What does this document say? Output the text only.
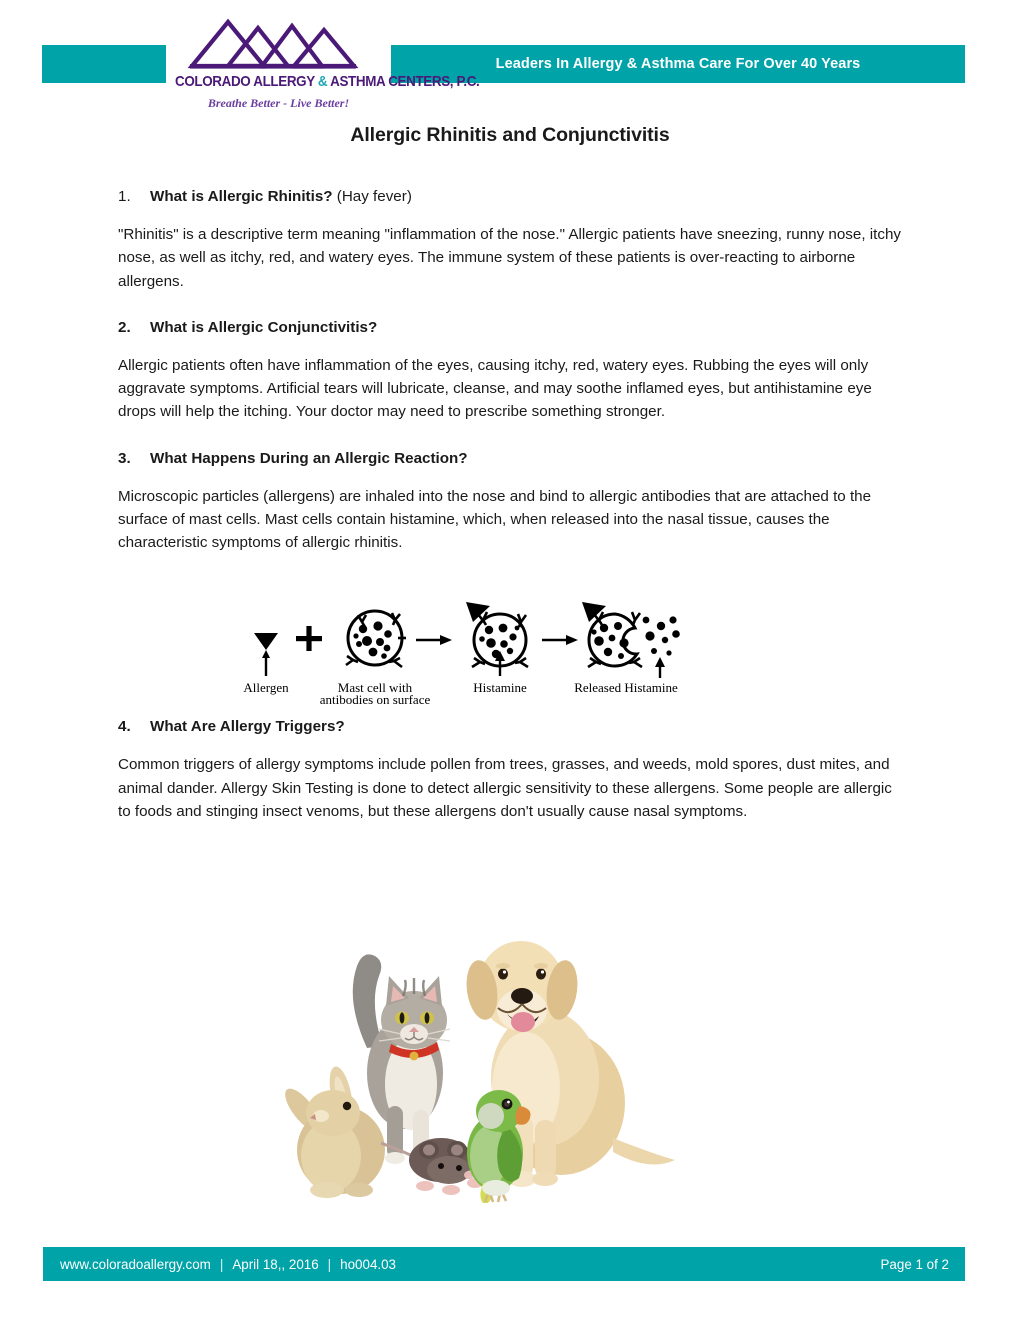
Leaders In Allergy & Asthma Care For Over 40 Years
COLORADO ALLERGY & ASTHMA CENTERS, P.C.
Breathe Better - Live Better!
Allergic Rhinitis and Conjunctivitis
1.	What is Allergic Rhinitis? (Hay fever)

"Rhinitis" is a descriptive term meaning "inflammation of the nose." Allergic patients have sneezing, runny nose, itchy nose, as well as itchy, red, and watery eyes. The immune system of these patients is over-reacting to airborne allergens.

2.	What is Allergic Conjunctivitis?

Allergic patients often have inflammation of the eyes, causing itchy, red, watery eyes. Rubbing the eyes will only aggravate symptoms. Artificial tears will lubricate, cleanse, and may soothe inflamed eyes, but antihistamine eye drops will help the itching. Your doctor may need to prescribe something stronger.

3.	What Happens During an Allergic Reaction?

Microscopic particles (allergens) are inhaled into the nose and bind to allergic antibodies that are attached to the surface of mast cells. Mast cells contain histamine, which, when released into the nasal tissue, causes the characteristic symptoms of allergic rhinitis.

4.	What Are Allergy Triggers?

Common triggers of allergy symptoms include pollen from trees, grasses, and weeds, mold spores, dust mites, and animal dander. Allergy Skin Testing is done to detect allergic sensitivity to these allergens. Some people are allergic to foods and stinging insect venoms, but these allergens don't usually cause nasal symptoms.

Allergen	Mast cell with
antibodies on surface
Histamine	Released Histamine
www.coloradoallergy.com | April 18,, 2016 | ho004.03	Page 1 of 2
